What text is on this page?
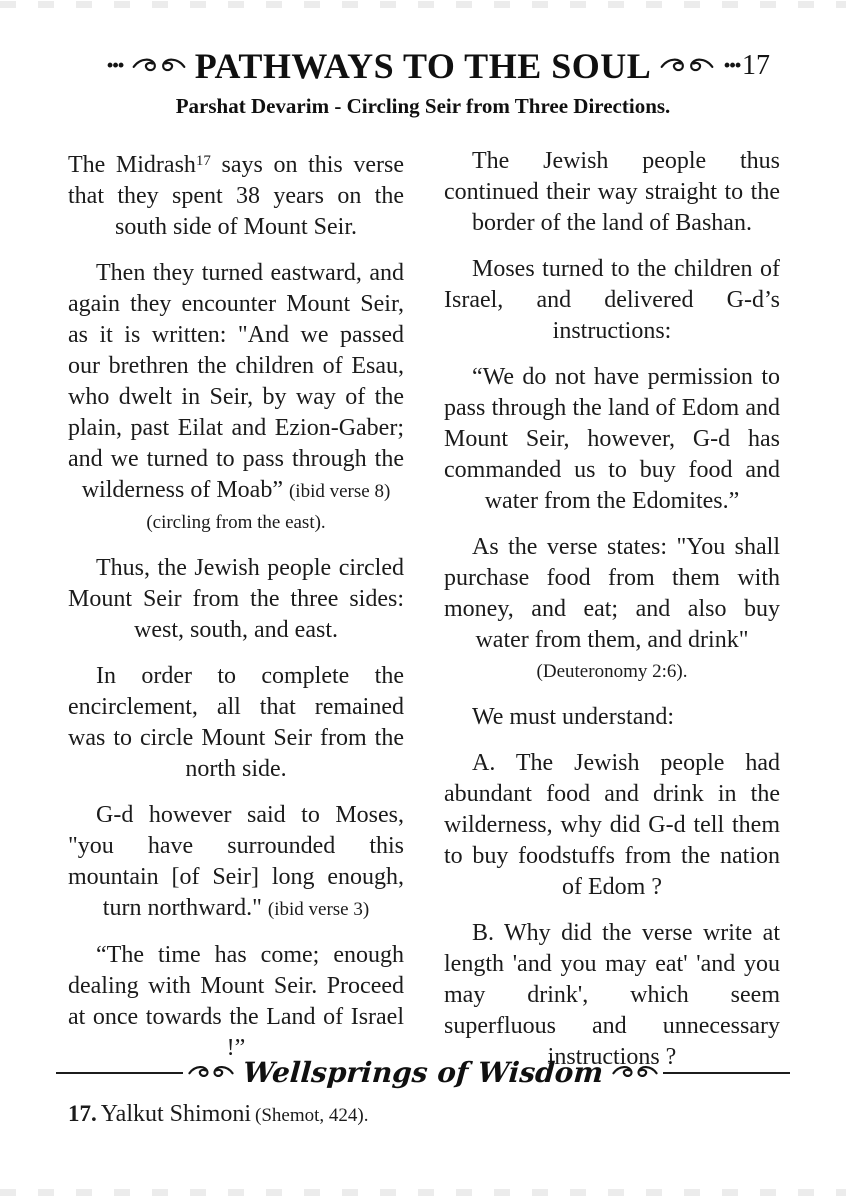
∙∙∙ PATHWAYS TO THE SOUL ∙∙∙ 17
Parshat Devarim - Circling Seir from Three Directions.

The Midrash$^{17}$ says on this verse that they spent 38 years on the south side of Mount Seir.

Then they turned eastward, and again they encounter Mount Seir, as it is written: "And we passed our brethren the children of Esau, who dwelt in Seir, by way of the plain, past Eilat and Ezion-Gaber; and we turned to pass through the wilderness of Moab” (ibid verse 8)
(circling from the east).

Thus, the Jewish people circled Mount Seir from the three sides: west, south, and east.

In order to complete the encirclement, all that remained was to circle Mount Seir from the north side.

G-d however said to Moses, "you have surrounded this mountain [of Seir] long enough, turn northward." (ibid verse 3)

“The time has come; enough dealing with Mount Seir. Proceed at once towards the Land of Israel !”

The Jewish people thus continued their way straight to the border of the land of Bashan.

Moses turned to the children of Israel, and delivered G-d’s instructions:

“We do not have permission to pass through the land of Edom and Mount Seir, however, G-d has commanded us to buy food and water from the Edomites.”

As the verse states: "You shall purchase food from them with money, and eat; and also buy water from them, and drink"
(Deuteronomy 2:6).

We must understand:

A. The Jewish people had abundant food and drink in the wilderness, why did G-d tell them to buy foodstuffs from the nation of Edom ?

B. Why did the verse write at length 'and you may eat' 'and you may drink', which seem superfluous and unnecessary instructions ?

Wellsprings of Wisdom
17. Yalkut Shimoni (Shemot, 424).
